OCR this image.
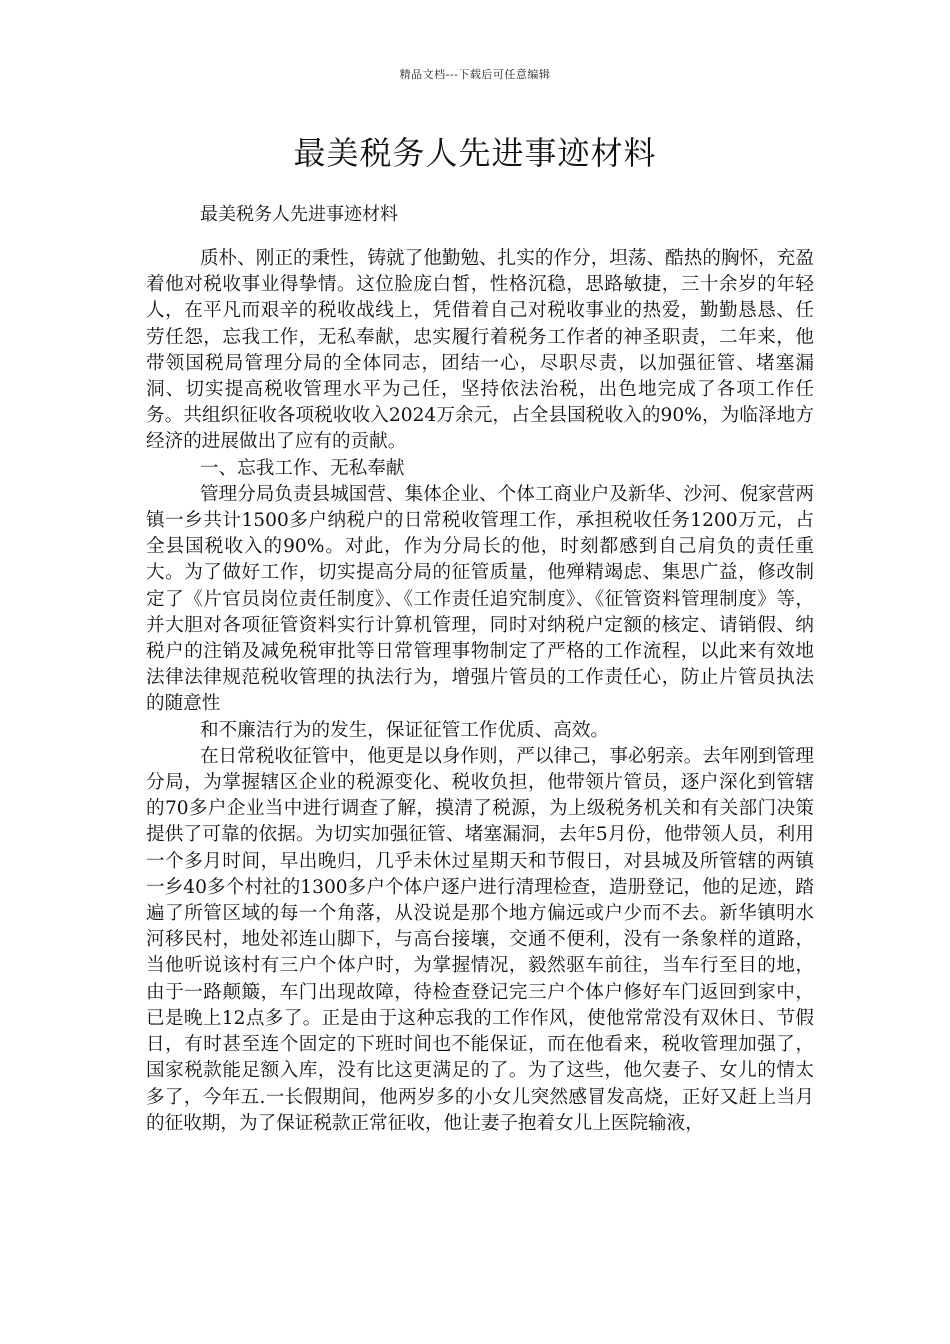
精品文档---下载后可任意编辑
最美税务人先进事迹材料
最美税务人先进事迹材料

质朴、刚正的秉性，铸就了他勤勉、扎实的作分，坦荡、酷热的胸怀，充盈着他对税收事业得挚情。这位脸庞白皙，性格沉稳，思路敏捷，三十余岁的年轻人，在平凡而艰辛的税收战线上，凭借着自己对税收事业的热爱，勤勤恳恳、任劳任怨，忘我工作，无私奉献，忠实履行着税务工作者的神圣职责，二年来，他带领国税局管理分局的全体同志，团结一心，尽职尽责，以加强征管、堵塞漏洞、切实提高税收管理水平为己任，坚持依法治税，出色地完成了各项工作任务。共组织征收各项税收收入2024万余元，占全县国税收入的90%，为临泽地方经济的进展做出了应有的贡献。

一、忘我工作、无私奉献

管理分局负责县城国营、集体企业、个体工商业户及新华、沙河、倪家营两镇一乡共计1500多户纳税户的日常税收管理工作，承担税收任务1200万元，占全县国税收入的90%。对此，作为分局长的他，时刻都感到自己肩负的责任重大。为了做好工作，切实提高分局的征管质量，他殚精竭虑、集思广益，修改制定了《片官员岗位责任制度》、《工作责任追究制度》、《征管资料管理制度》等，并大胆对各项征管资料实行计算机管理，同时对纳税户定额的核定、请销假、纳税户的注销及减免税审批等日常管理事物制定了严格的工作流程，以此来有效地法律法律规范税收管理的执法行为，增强片管员的工作责任心，防止片管员执法的随意性

和不廉洁行为的发生，保证征管工作优质、高效。

在日常税收征管中，他更是以身作则，严以律己，事必躬亲。去年刚到管理分局，为掌握辖区企业的税源变化、税收负担，他带领片管员，逐户深化到管辖的70多户企业当中进行调查了解，摸清了税源，为上级税务机关和有关部门决策提供了可靠的依据。为切实加强征管、堵塞漏洞，去年5月份，他带领人员，利用一个多月时间，早出晚归，几乎未休过星期天和节假日，对县城及所管辖的两镇一乡40多个村社的1300多户个体户逐户进行清理检查，造册登记，他的足迹，踏遍了所管区域的每一个角落，从没说是那个地方偏远或户少而不去。新华镇明水河移民村，地处祁连山脚下，与高台接壤，交通不便利，没有一条象样的道路，当他听说该村有三户个体户时，为掌握情况，毅然驱车前往，当车行至目的地，由于一路颠簸，车门出现故障，待检查登记完三户个体户修好车门返回到家中，已是晚上12点多了。正是由于这种忘我的工作作风，使他常常没有双休日、节假日，有时甚至连个固定的下班时间也不能保证，而在他看来，税收管理加强了，国家税款能足额入库，没有比这更满足的了。为了这些，他欠妻子、女儿的情太多了，今年五.一长假期间，他两岁多的小女儿突然感冒发高烧，正好又赶上当月的征收期，为了保证税款正常征收，他让妻子抱着女儿上医院输液，
